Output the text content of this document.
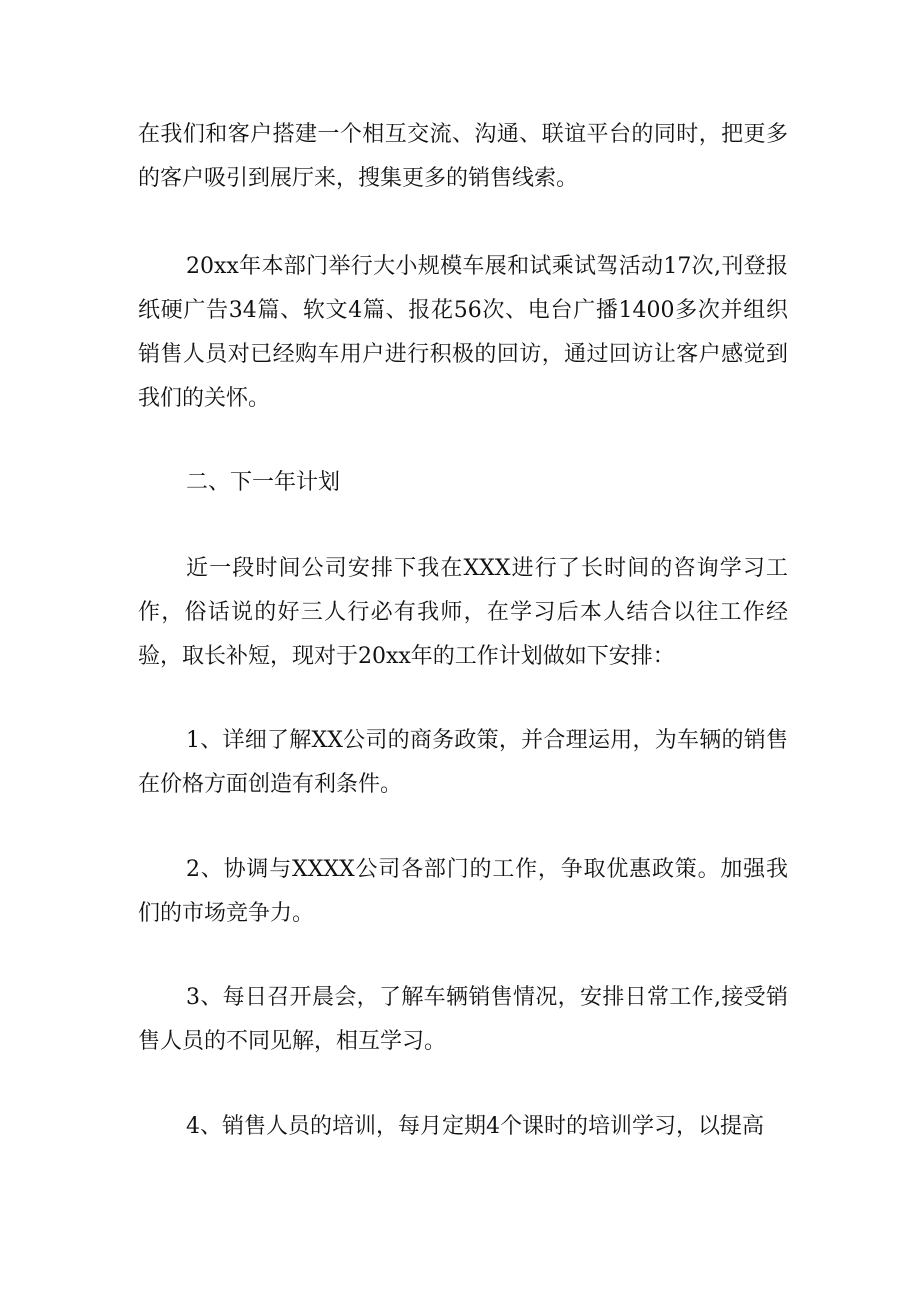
在我们和客户搭建一个相互交流、沟通、联谊平台的同时，把更多的客户吸引到展厅来，搜集更多的销售线索。

20xx年本部门举行大小规模车展和试乘试驾活动17次,刊登报纸硬广告34篇、软文4篇、报花56次、电台广播1400多次并组织销售人员对已经购车用户进行积极的回访，通过回访让客户感觉到我们的关怀。

二、下一年计划

近一段时间公司安排下我在XXX进行了长时间的咨询学习工作，俗话说的好三人行必有我师，在学习后本人结合以往工作经验，取长补短，现对于20xx年的工作计划做如下安排：

1、详细了解XX公司的商务政策，并合理运用，为车辆的销售在价格方面创造有利条件。

2、协调与XXXX公司各部门的工作，争取优惠政策。加强我们的市场竞争力。

3、每日召开晨会，了解车辆销售情况，安排日常工作,接受销售人员的不同见解，相互学习。

4、销售人员的培训，每月定期4个课时的培训学习，以提高
